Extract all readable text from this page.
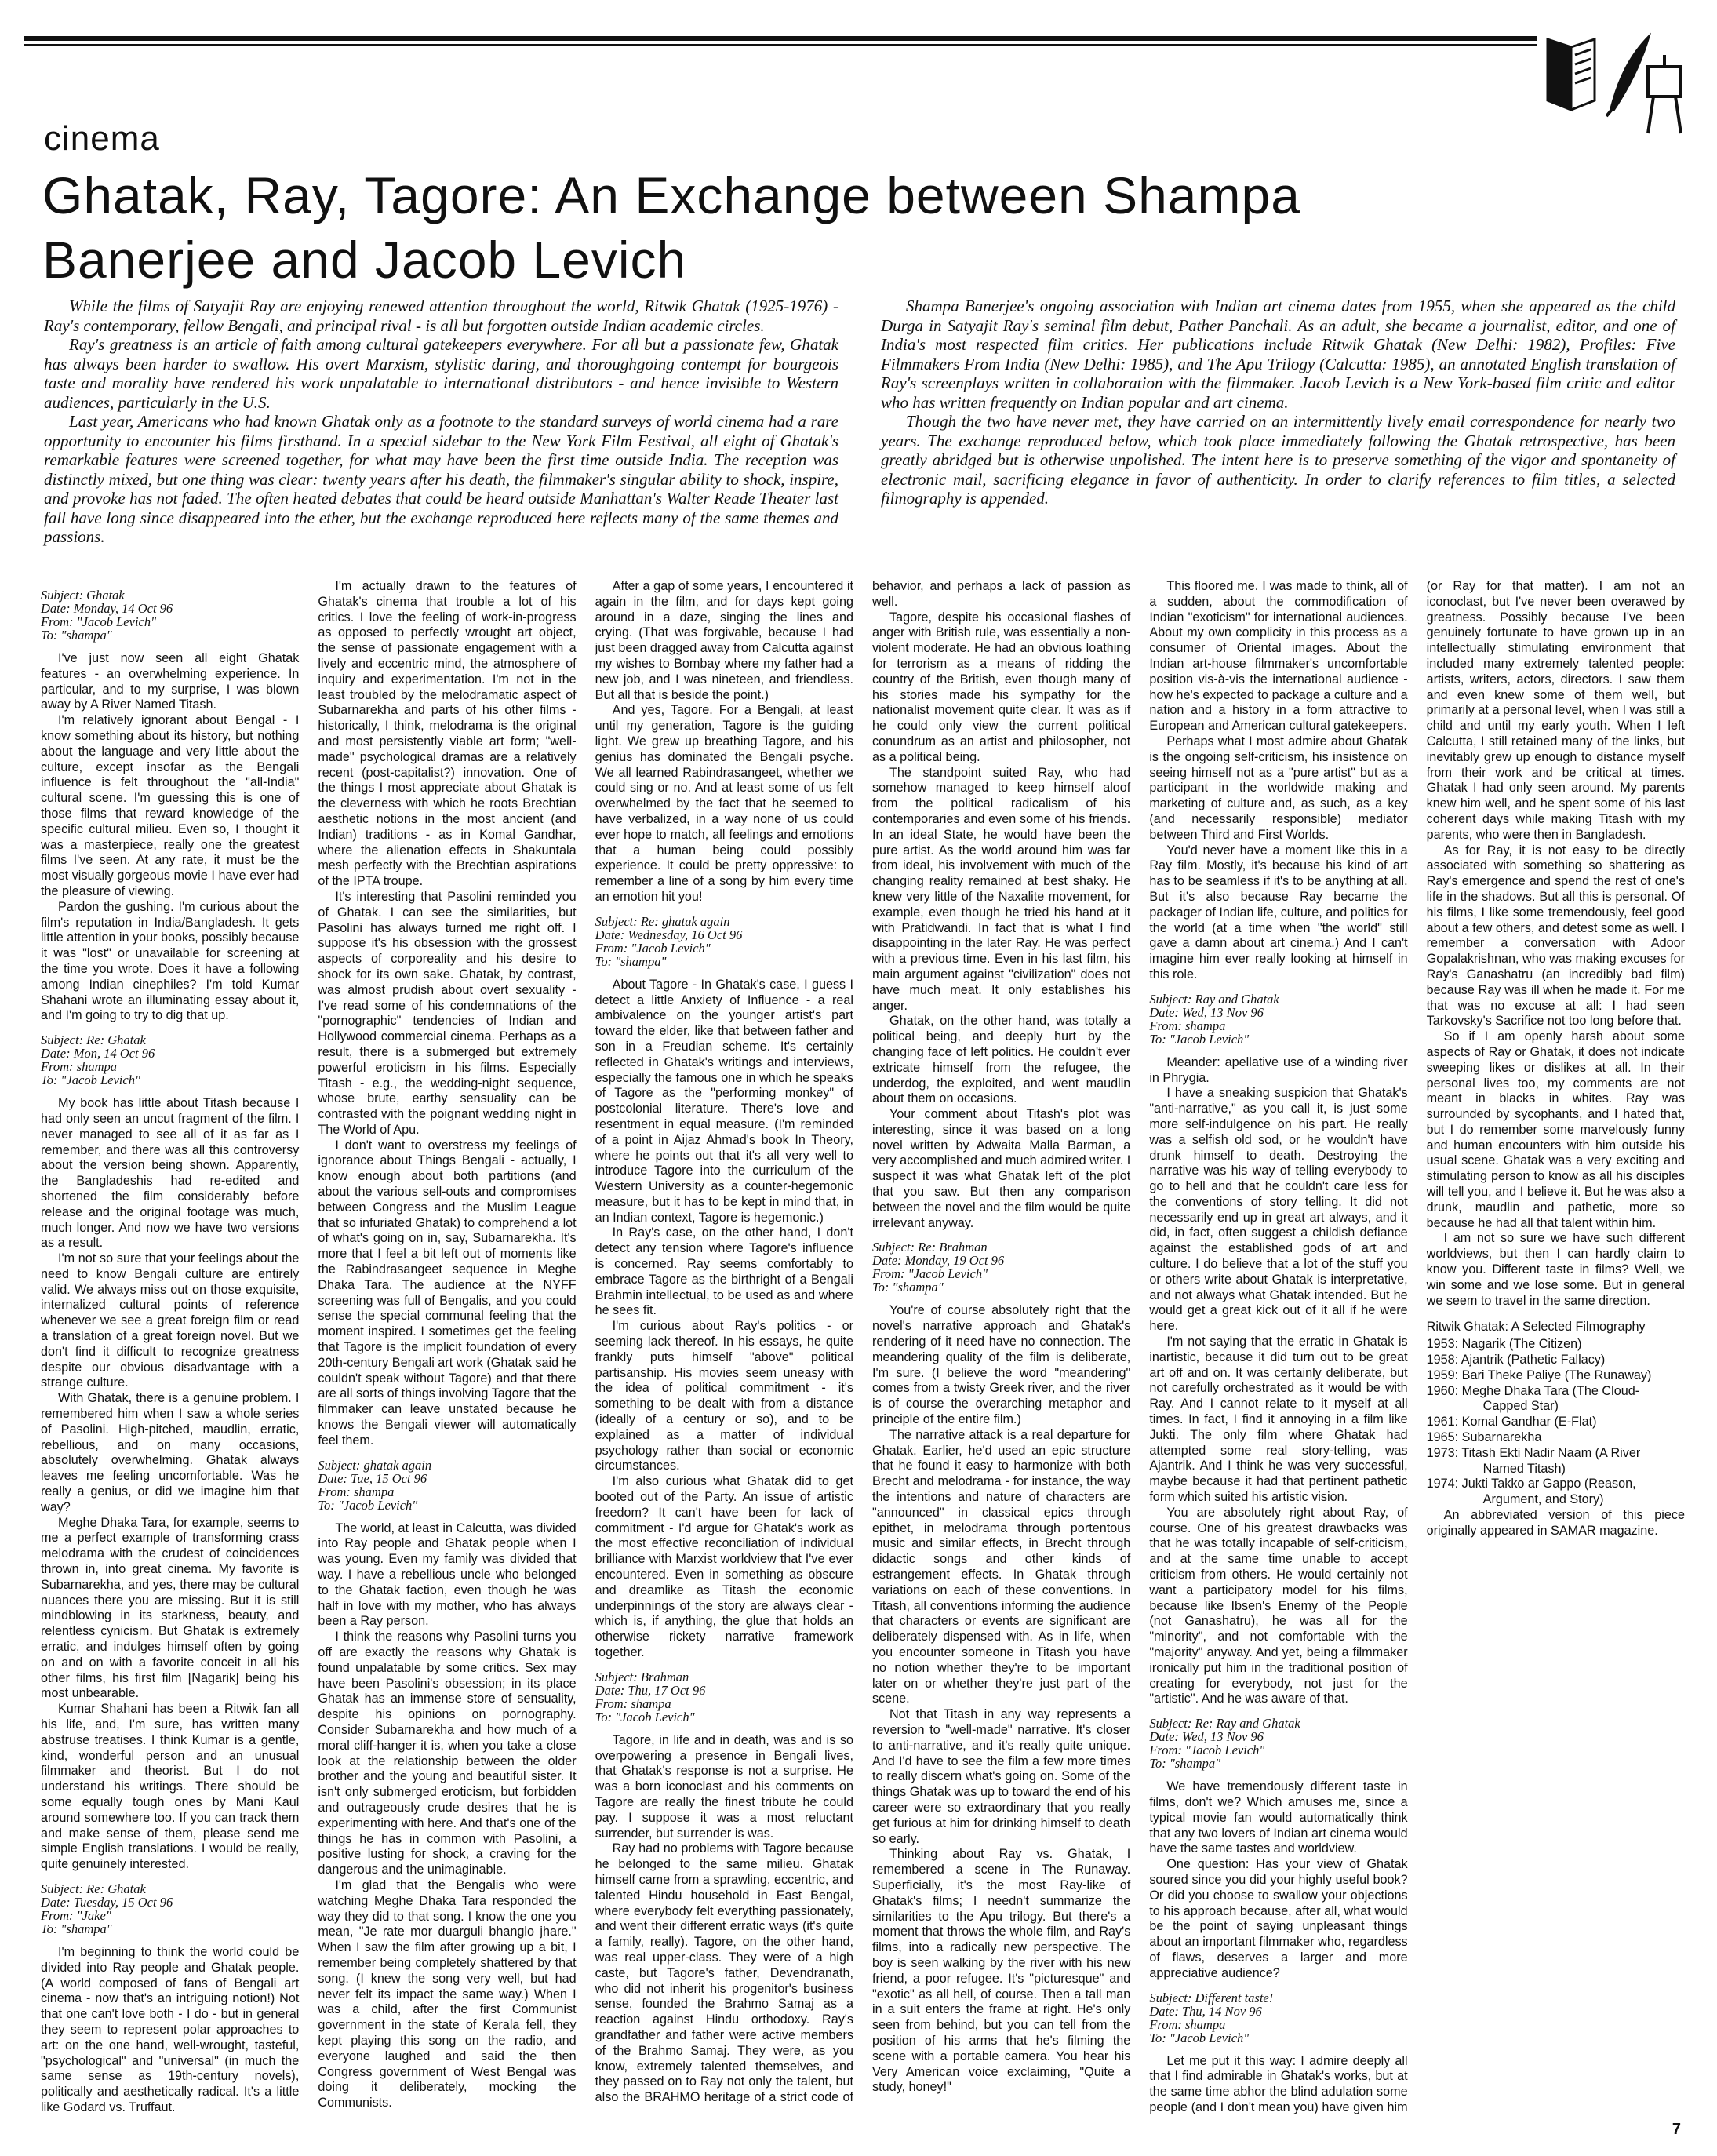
cinema
Ghatak, Ray, Tagore: An Exchange between Shampa Banerjee and Jacob Levich

While the films of Satyajit Ray are enjoying renewed attention throughout the world, Ritwik Ghatak (1925-1976) - Ray's contemporary, fellow Bengali, and principal rival - is all but forgotten outside Indian academic circles.

Ray's greatness is an article of faith among cultural gatekeepers everywhere. For all but a passionate few, Ghatak has always been harder to swallow. His overt Marxism, stylistic daring, and thoroughgoing contempt for bourgeois taste and morality have rendered his work unpalatable to international distributors - and hence invisible to Western audiences, particularly in the U.S.

Last year, Americans who had known Ghatak only as a footnote to the standard surveys of world cinema had a rare opportunity to encounter his films firsthand. In a special sidebar to the New York Film Festival, all eight of Ghatak's remarkable features were screened together, for what may have been the first time outside India. The reception was distinctly mixed, but one thing was clear: twenty years after his death, the filmmaker's singular ability to shock, inspire, and provoke has not faded. The often heated debates that could be heard outside Manhattan's Walter Reade Theater last fall have long since disappeared into the ether, but the exchange reproduced here reflects many of the same themes and passions.

Shampa Banerjee's ongoing association with Indian art cinema dates from 1955, when she appeared as the child Durga in Satyajit Ray's seminal film debut, Pather Panchali. As an adult, she became a journalist, editor, and one of India's most respected film critics. Her publications include Ritwik Ghatak (New Delhi: 1982), Profiles: Five Filmmakers From India (New Delhi: 1985), and The Apu Trilogy (Calcutta: 1985), an annotated English translation of Ray's screenplays written in collaboration with the filmmaker. Jacob Levich is a New York-based film critic and editor who has written frequently on Indian popular and art cinema.

Though the two have never met, they have carried on an intermittently lively email correspondence for nearly two years. The exchange reproduced below, which took place immediately following the Ghatak retrospective, has been greatly abridged but is otherwise unpolished. The intent here is to preserve something of the vigor and spontaneity of electronic mail, sacrificing elegance in favor of authenticity. In order to clarify references to film titles, a selected filmography is appended.

Subject: Ghatak
Date: Monday, 14 Oct 96
From: "Jacob Levich"
To: "shampa"

I've just now seen all eight Ghatak features - an overwhelming experience. In particular, and to my surprise, I was blown away by A River Named Titash.

I'm relatively ignorant about Bengal - I know something about its history, but nothing about the language and very little about the culture, except insofar as the Bengali influence is felt throughout the "all-India" cultural scene. I'm guessing this is one of those films that reward knowledge of the specific cultural milieu. Even so, I thought it was a masterpiece, really one the greatest films I've seen. At any rate, it must be the most visually gorgeous movie I have ever had the pleasure of viewing.

Pardon the gushing. I'm curious about the film's reputation in India/Bangladesh. It gets little attention in your books, possibly because it was "lost" or unavailable for screening at the time you wrote. Does it have a following among Indian cinephiles? I'm told Kumar Shahani wrote an illuminating essay about it, and I'm going to try to dig that up.

Subject: Re: Ghatak
Date: Mon, 14 Oct 96
From: shampa
To: "Jacob Levich"

My book has little about Titash because I had only seen an uncut fragment of the film. I never managed to see all of it as far as I remember, and there was all this controversy about the version being shown. Apparently, the Bangladeshis had re-edited and shortened the film considerably before release and the original footage was much, much longer. And now we have two versions as a result.

I'm not so sure that your feelings about the need to know Bengali culture are entirely valid. We always miss out on those exquisite, internalized cultural points of reference whenever we see a great foreign film or read a translation of a great foreign novel. But we don't find it difficult to recognize greatness despite our obvious disadvantage with a strange culture.

With Ghatak, there is a genuine problem. I remembered him when I saw a whole series of Pasolini. High-pitched, maudlin, erratic, rebellious, and on many occasions, absolutely overwhelming. Ghatak always leaves me feeling uncomfortable. Was he really a genius, or did we imagine him that way?

Meghe Dhaka Tara, for example, seems to me a perfect example of transforming crass melodrama with the crudest of coincidences thrown in, into great cinema. My favorite is Subarnarekha, and yes, there may be cultural nuances there you are missing. But it is still mindblowing in its starkness, beauty, and relentless cynicism. But Ghatak is extremely erratic, and indulges himself often by going on and on with a favorite conceit in all his other films, his first film [Nagarik] being his most unbearable.

Kumar Shahani has been a Ritwik fan all his life, and, I'm sure, has written many abstruse treatises. I think Kumar is a gentle, kind, wonderful person and an unusual filmmaker and theorist. But I do not understand his writings. There should be some equally tough ones by Mani Kaul around somewhere too. If you can track them and make sense of them, please send me simple English translations. I would be really, quite genuinely interested.

Subject: Re: Ghatak
Date: Tuesday, 15 Oct 96
From: "Jake"
To: "shampa"

I'm beginning to think the world could be divided into Ray people and Ghatak people. (A world composed of fans of Bengali art cinema - now that's an intriguing notion!) Not that one can't love both - I do - but in general they seem to represent polar approaches to art: on the one hand, well-wrought, tasteful, "psychological" and "universal" (in much the same sense as 19th-century novels), politically and aesthetically radical. It's a little like Godard vs. Truffaut.

I'm actually drawn to the features of Ghatak's cinema that trouble a lot of his critics. I love the feeling of work-in-progress as opposed to perfectly wrought art object, the sense of passionate engagement with a lively and eccentric mind, the atmosphere of inquiry and experimentation. I'm not in the least troubled by the melodramatic aspect of Subarnarekha and parts of his other films - historically, I think, melodrama is the original and most persistently viable art form; "well-made" psychological dramas are a relatively recent (post-capitalist?) innovation. One of the things I most appreciate about Ghatak is the cleverness with which he roots Brechtian aesthetic notions in the most ancient (and Indian) traditions - as in Komal Gandhar, where the alienation effects in Shakuntala mesh perfectly with the Brechtian aspirations of the IPTA troupe.

It's interesting that Pasolini reminded you of Ghatak. I can see the similarities, but Pasolini has always turned me right off. I suppose it's his obsession with the grossest aspects of corporeality and his desire to shock for its own sake. Ghatak, by contrast, was almost prudish about overt sexuality - I've read some of his condemnations of the "pornographic" tendencies of Indian and Hollywood commercial cinema. Perhaps as a result, there is a submerged but extremely powerful eroticism in his films. Especially Titash - e.g., the wedding-night sequence, whose brute, earthy sensuality can be contrasted with the poignant wedding night in The World of Apu.

I don't want to overstress my feelings of ignorance about Things Bengali - actually, I know enough about both partitions (and about the various sell-outs and compromises between Congress and the Muslim League that so infuriated Ghatak) to comprehend a lot of what's going on in, say, Subarnarekha. It's more that I feel a bit left out of moments like the Rabindrasangeet sequence in Meghe Dhaka Tara. The audience at the NYFF screening was full of Bengalis, and you could sense the special communal feeling that the moment inspired. I sometimes get the feeling that Tagore is the implicit foundation of every 20th-century Bengali art work (Ghatak said he couldn't speak without Tagore) and that there are all sorts of things involving Tagore that the filmmaker can leave unstated because he knows the Bengali viewer will automatically feel them.

Subject: ghatak again
Date: Tue, 15 Oct 96
From: shampa
To: "Jacob Levich"

The world, at least in Calcutta, was divided into Ray people and Ghatak people when I was young. Even my family was divided that way. I have a rebellious uncle who belonged to the Ghatak faction, even though he was half in love with my mother, who has always been a Ray person.

I think the reasons why Pasolini turns you off are exactly the reasons why Ghatak is found unpalatable by some critics. Sex may have been Pasolini's obsession; in its place Ghatak has an immense store of sensuality, despite his opinions on pornography. Consider Subarnarekha and how much of a moral cliff-hanger it is, when you take a close look at the relationship between the older brother and the young and beautiful sister. It isn't only submerged eroticism, but forbidden and outrageously crude desires that he is experimenting with here. And that's one of the things he has in common with Pasolini, a positive lusting for shock, a craving for the dangerous and the unimaginable.

I'm glad that the Bengalis who were watching Meghe Dhaka Tara responded the way they did to that song. I know the one you mean, "Je rate mor duarguli bhanglo jhare." When I saw the film after growing up a bit, I remember being completely shattered by that song. (I knew the song very well, but had never felt its impact the same way.) When I was a child, after the first Communist government in the state of Kerala fell, they kept playing this song on the radio, and everyone laughed and said the then Congress government of West Bengal was doing it deliberately, mocking the Communists.

After a gap of some years, I encountered it again in the film, and for days kept going around in a daze, singing the lines and crying. (That was forgivable, because I had just been dragged away from Calcutta against my wishes to Bombay where my father had a new job, and I was nineteen, and friendless. But all that is beside the point.)

And yes, Tagore. For a Bengali, at least until my generation, Tagore is the guiding light. We grew up breathing Tagore, and his genius has dominated the Bengali psyche. We all learned Rabindrasangeet, whether we could sing or no. And at least some of us felt overwhelmed by the fact that he seemed to have verbalized, in a way none of us could ever hope to match, all feelings and emotions that a human being could possibly experience. It could be pretty oppressive: to remember a line of a song by him every time an emotion hit you!

Subject: Re: ghatak again
Date: Wednesday, 16 Oct 96
From: "Jacob Levich"
To: "shampa"

About Tagore - In Ghatak's case, I guess I detect a little Anxiety of Influence - a real ambivalence on the younger artist's part toward the elder, like that between father and son in a Freudian scheme. It's certainly reflected in Ghatak's writings and interviews, especially the famous one in which he speaks of Tagore as the "performing monkey" of postcolonial literature. There's love and resentment in equal measure. (I'm reminded of a point in Aijaz Ahmad's book In Theory, where he points out that it's all very well to introduce Tagore into the curriculum of the Western University as a counter-hegemonic measure, but it has to be kept in mind that, in an Indian context, Tagore is hegemonic.)

In Ray's case, on the other hand, I don't detect any tension where Tagore's influence is concerned. Ray seems comfortably to embrace Tagore as the birthright of a Bengali Brahmin intellectual, to be used as and where he sees fit.

I'm curious about Ray's politics - or seeming lack thereof. In his essays, he quite frankly puts himself "above" political partisanship. His movies seem uneasy with the idea of political commitment - it's something to be dealt with from a distance (ideally of a century or so), and to be explained as a matter of individual psychology rather than social or economic circumstances.

I'm also curious what Ghatak did to get booted out of the Party. An issue of artistic freedom? It can't have been for lack of commitment - I'd argue for Ghatak's work as the most effective reconciliation of individual brilliance with Marxist worldview that I've ever encountered. Even in something as obscure and dreamlike as Titash the economic underpinnings of the story are always clear - which is, if anything, the glue that holds an otherwise rickety narrative framework together.

Subject: Brahman
Date: Thu, 17 Oct 96
From: shampa
To: "Jacob Levich"

Tagore, in life and in death, was and is so overpowering a presence in Bengali lives, that Ghatak's response is not a surprise. He was a born iconoclast and his comments on Tagore are really the finest tribute he could pay. I suppose it was a most reluctant surrender, but surrender is was.

Ray had no problems with Tagore because he belonged to the same milieu. Ghatak himself came from a sprawling, eccentric, and talented Hindu household in East Bengal, where everybody felt everything passionately, and went their different erratic ways (it's quite a family, really). Tagore, on the other hand, was real upper-class. They were of a high caste, but Tagore's father, Devendranath, who did not inherit his progenitor's business sense, founded the Brahmo Samaj as a reaction against Hindu orthodoxy. Ray's grandfather and father were active members of the Brahmo Samaj. They were, as you know, extremely talented themselves, and they passed on to Ray not only the talent, but also the BRAHMO heritage of a strict code of behavior, and perhaps a lack of passion as well.

Tagore, despite his occasional flashes of anger with British rule, was essentially a non-violent moderate. He had an obvious loathing for terrorism as a means of ridding the country of the British, even though many of his stories made his sympathy for the nationalist movement quite clear. It was as if he could only view the current political conundrum as an artist and philosopher, not as a political being.

The standpoint suited Ray, who had somehow managed to keep himself aloof from the political radicalism of his contemporaries and even some of his friends. In an ideal State, he would have been the pure artist. As the world around him was far from ideal, his involvement with much of the changing reality remained at best shaky. He knew very little of the Naxalite movement, for example, even though he tried his hand at it with Pratidwandi. In fact that is what I find disappointing in the later Ray. He was perfect with a previous time. Even in his last film, his main argument against "civilization" does not have much meat. It only establishes his anger.

Ghatak, on the other hand, was totally a political being, and deeply hurt by the changing face of left politics. He couldn't ever extricate himself from the refugee, the underdog, the exploited, and went maudlin about them on occasions.

Your comment about Titash's plot was interesting, since it was based on a long novel written by Adwaita Malla Barman, a very accomplished and much admired writer. I suspect it was what Ghatak left of the plot that you saw. But then any comparison between the novel and the film would be quite irrelevant anyway.

Subject: Re: Brahman
Date: Monday, 19 Oct 96
From: "Jacob Levich"
To: "shampa"

You're of course absolutely right that the novel's narrative approach and Ghatak's rendering of it need have no connection. The meandering quality of the film is deliberate, I'm sure. (I believe the word "meandering" comes from a twisty Greek river, and the river is of course the overarching metaphor and principle of the entire film.)

The narrative attack is a real departure for Ghatak. Earlier, he'd used an epic structure that he found it easy to harmonize with both Brecht and melodrama - for instance, the way the intentions and nature of characters are "announced" in classical epics through epithet, in melodrama through portentous music and similar effects, in Brecht through didactic songs and other kinds of estrangement effects. In Ghatak through variations on each of these conventions. In Titash, all conventions informing the audience that characters or events are significant are deliberately dispensed with. As in life, when you encounter someone in Titash you have no notion whether they're to be important later on or whether they're just part of the scene.

Not that Titash in any way represents a reversion to "well-made" narrative. It's closer to anti-narrative, and it's really quite unique. And I'd have to see the film a few more times to really discern what's going on. Some of the things Ghatak was up to toward the end of his career were so extraordinary that you really get furious at him for drinking himself to death so early.

Thinking about Ray vs. Ghatak, I remembered a scene in The Runaway. Superficially, it's the most Ray-like of Ghatak's films; I needn't summarize the similarities to the Apu trilogy. But there's a moment that throws the whole film, and Ray's films, into a radically new perspective. The boy is seen walking by the river with his new friend, a poor refugee. It's "picturesque" and "exotic" as all hell, of course. Then a tall man in a suit enters the frame at right. He's only seen from behind, but you can tell from the position of his arms that he's filming the scene with a portable camera. You hear his Very American voice exclaiming, "Quite a study, honey!"

This floored me. I was made to think, all of a sudden, about the commodification of Indian "exoticism" for international audiences. About my own complicity in this process as a consumer of Oriental images. About the Indian art-house filmmaker's uncomfortable position vis-à-vis the international audience - how he's expected to package a culture and a nation and a history in a form attractive to European and American cultural gatekeepers.

Perhaps what I most admire about Ghatak is the ongoing self-criticism, his insistence on seeing himself not as a "pure artist" but as a participant in the worldwide making and marketing of culture and, as such, as a key (and necessarily responsible) mediator between Third and First Worlds.

You'd never have a moment like this in a Ray film. Mostly, it's because his kind of art has to be seamless if it's to be anything at all. But it's also because Ray became the packager of Indian life, culture, and politics for the world (at a time when "the world" still gave a damn about art cinema.) And I can't imagine him ever really looking at himself in this role.

Subject: Ray and Ghatak
Date: Wed, 13 Nov 96
From: shampa
To: "Jacob Levich"

Meander: apellative use of a winding river in Phrygia.

I have a sneaking suspicion that Ghatak's "anti-narrative," as you call it, is just some more self-indulgence on his part. He really was a selfish old sod, or he wouldn't have drunk himself to death. Destroying the narrative was his way of telling everybody to go to hell and that he couldn't care less for the conventions of story telling. It did not necessarily end up in great art always, and it did, in fact, often suggest a childish defiance against the established gods of art and culture. I do believe that a lot of the stuff you or others write about Ghatak is interpretative, and not always what Ghatak intended. But he would get a great kick out of it all if he were here.

I'm not saying that the erratic in Ghatak is inartistic, because it did turn out to be great art off and on. It was certainly deliberate, but not carefully orchestrated as it would be with Ray. And I cannot relate to it myself at all times. In fact, I find it annoying in a film like Jukti. The only film where Ghatak had attempted some real story-telling, was Ajantrik. And I think he was very successful, maybe because it had that pertinent pathetic form which suited his artistic vision.

You are absolutely right about Ray, of course. One of his greatest drawbacks was that he was totally incapable of self-criticism, and at the same time unable to accept criticism from others. He would certainly not want a participatory model for his films, because like Ibsen's Enemy of the People (not Ganashatru), he was all for the "minority", and not comfortable with the "majority" anyway. And yet, being a filmmaker ironically put him in the traditional position of creating for everybody, not just for the "artistic". And he was aware of that.

Subject: Re: Ray and Ghatak
Date: Wed, 13 Nov 96
From: "Jacob Levich"
To: "shampa"

We have tremendously different taste in films, don't we? Which amuses me, since a typical movie fan would automatically think that any two lovers of Indian art cinema would have the same tastes and worldview.

One question: Has your view of Ghatak soured since you did your highly useful book? Or did you choose to swallow your objections to his approach because, after all, what would be the point of saying unpleasant things about an important filmmaker who, regardless of flaws, deserves a larger and more appreciative audience?

Subject: Different taste!
Date: Thu, 14 Nov 96
From: shampa
To: "Jacob Levich"

Let me put it this way: I admire deeply all that I find admirable in Ghatak's works, but at the same time abhor the blind adulation some people (and I don't mean you) have given him (or Ray for that matter). I am not an iconoclast, but I've never been overawed by greatness. Possibly because I've been genuinely fortunate to have grown up in an intellectually stimulating environment that included many extremely talented people: artists, writers, actors, directors. I saw them and even knew some of them well, but primarily at a personal level, when I was still a child and until my early youth. When I left Calcutta, I still retained many of the links, but inevitably grew up enough to distance myself from their work and be critical at times. Ghatak I had only seen around. My parents knew him well, and he spent some of his last coherent days while making Titash with my parents, who were then in Bangladesh.

As for Ray, it is not easy to be directly associated with something so shattering as Ray's emergence and spend the rest of one's life in the shadows. But all this is personal. Of his films, I like some tremendously, feel good about a few others, and detest some as well. I remember a conversation with Adoor Gopalakrishnan, who was making excuses for Ray's Ganashatru (an incredibly bad film) because Ray was ill when he made it. For me that was no excuse at all: I had seen Tarkovsky's Sacrifice not too long before that.

So if I am openly harsh about some aspects of Ray or Ghatak, it does not indicate sweeping likes or dislikes at all. In their personal lives too, my comments are not meant in blacks in whites. Ray was surrounded by sycophants, and I hated that, but I do remember some marvelously funny and human encounters with him outside his usual scene. Ghatak was a very exciting and stimulating person to know as all his disciples will tell you, and I believe it. But he was also a drunk, maudlin and pathetic, more so because he had all that talent within him.

I am not so sure we have such different worldviews, but then I can hardly claim to know you. Different taste in films? Well, we win some and we lose some. But in general we seem to travel in the same direction.

Ritwik Ghatak: A Selected Filmography
1953: Nagarik (The Citizen)
1958: Ajantrik (Pathetic Fallacy)
1959: Bari Theke Paliye (The Runaway)
1960: Meghe Dhaka Tara (The Cloud-
Capped Star)
1961: Komal Gandhar (E-Flat)
1965: Subarnarekha
1973: Titash Ekti Nadir Naam (A River
Named Titash)
1974: Jukti Takko ar Gappo (Reason,
Argument, and Story)

An abbreviated version of this piece originally appeared in SAMAR magazine.

7
